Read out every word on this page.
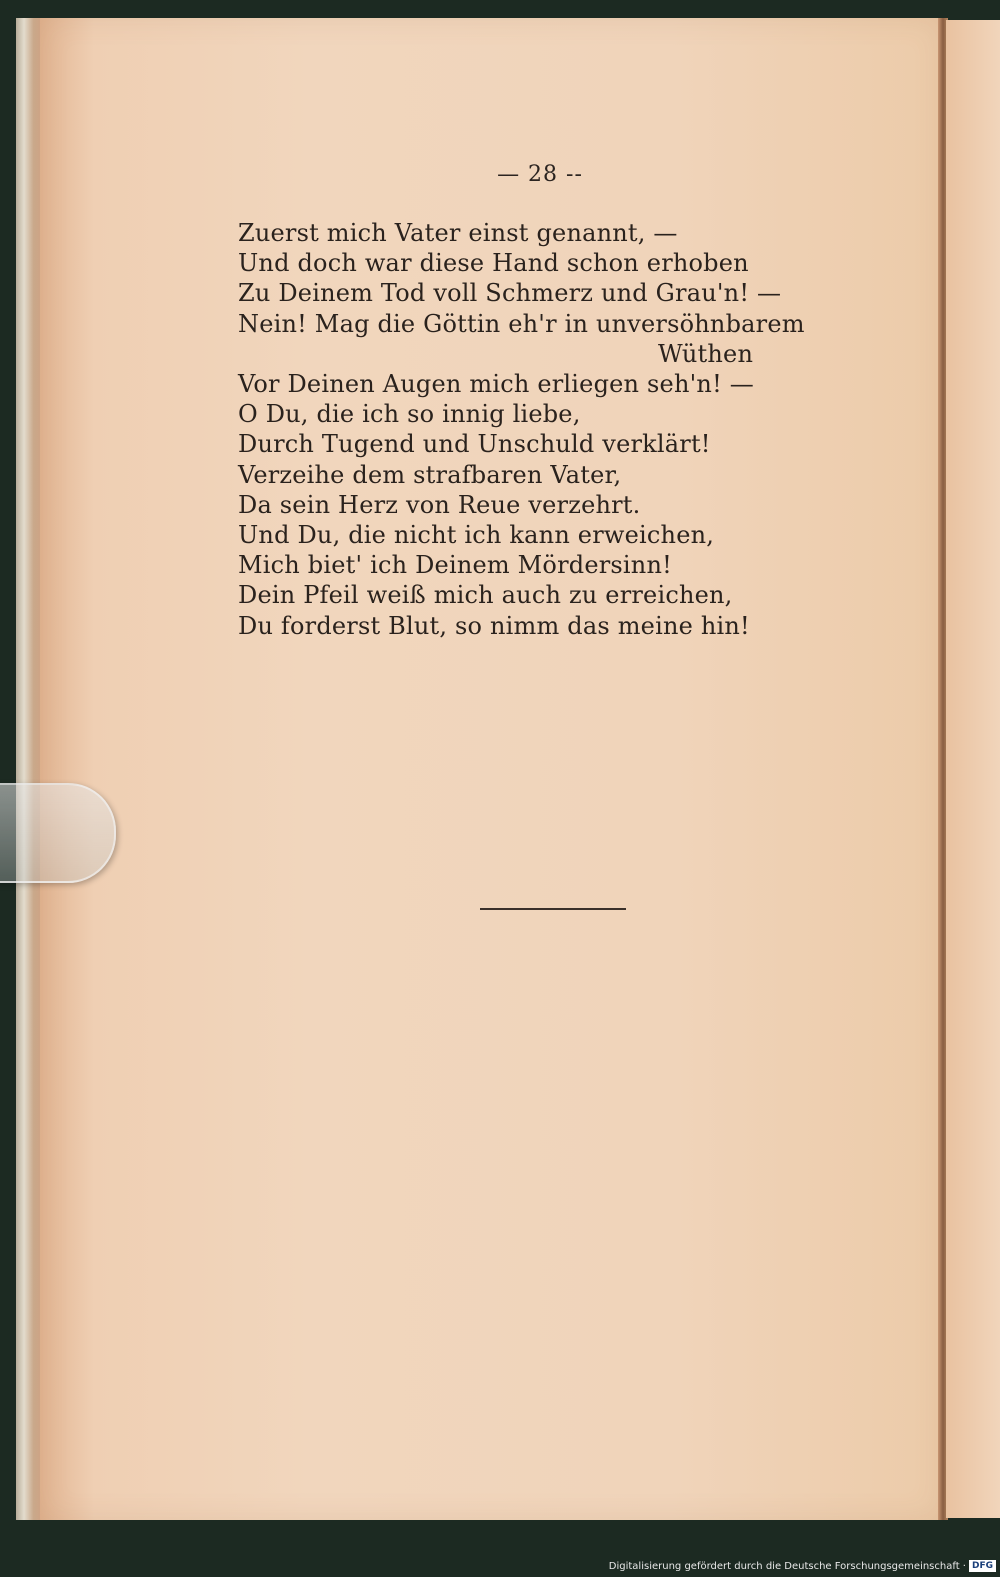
— 28 --
Zuerst mich Vater einst genannt, —
Und doch war diese Hand schon erhoben
Zu Deinem Tod voll Schmerz und Grau'n! —
Nein! Mag die Göttin eh'r in unversöhnbarem
Wüthen
Vor Deinen Augen mich erliegen seh'n! —
O Du, die ich so innig liebe,
Durch Tugend und Unschuld verklärt!
Verzeihe dem strafbaren Vater,
Da sein Herz von Reue verzehrt.
Und Du, die nicht ich kann erweichen,
Mich biet' ich Deinem Mördersinn!
Dein Pfeil weiß mich auch zu erreichen,
Du forderst Blut, so nimm das meine hin!
Digitalisierung gefördert durch die Deutsche Forschungsgemeinschaft · DFG
